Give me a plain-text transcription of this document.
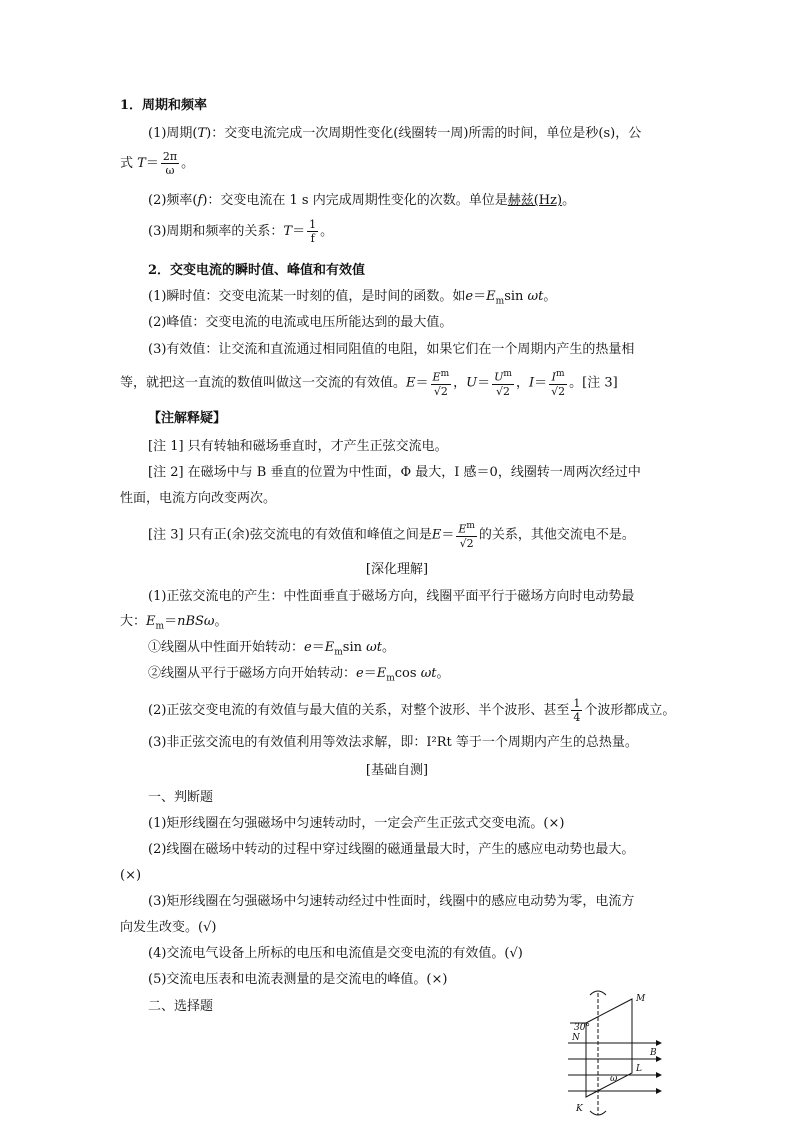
1．周期和频率
(1)周期(T)：交变电流完成一次周期性变化(线圈转一周)所需的时间，单位是秒(s)，公
式 $T= \frac{2\pi}{\omega}$ 。
(2)频率(f)：交变电流在 1 s 内完成周期性变化的次数。单位是赫兹(Hz)。
(3)周期和频率的关系：$T= \frac{1}{f}$ 。
2．交变电流的瞬时值、峰值和有效值
(1)瞬时值：交变电流某一时刻的值，是时间的函数。如$e=E_m\sin$ ωt。
(2)峰值：交变电流的电流或电压所能达到的最大值。
(3)有效值：让交流和直流通过相同阻值的电阻，如果它们在一个周期内产生的热量相
等，就把这一直流的数值叫做这一交流的有效值。$E= \frac{E^m}{√2}$ ，$U= \frac{U^m}{√2}$ ，$I= \frac{I^m}{√2}$ 。[注 3]
【注解释疑】
[注 1] 只有转轴和磁场垂直时，才产生正弦交流电。
[注 2] 在磁场中与 B 垂直的位置为中性面，Φ 最大，I 感＝0，线圈转一周两次经过中
性面，电流方向改变两次。
[注 3] 只有正(余)弦交流电的有效值和峰值之间是$E= \frac{E^m}{√2}$ 的关系，其他交流电不是。
[深化理解]
(1)正弦交流电的产生：中性面垂直于磁场方向，线圈平面平行于磁场方向时电动势最
大：$E_m=nBS\omega$。
①线圈从中性面开始转动：$e=E_m\sin$ ωt。
②线圈从平行于磁场方向开始转动：$e=E_m\cos$ ωt。
(2)正弦交变电流的有效值与最大值的关系，对整个波形、半个波形、甚至 $\frac{1}{4}$ 个波形都成立。
(3)非正弦交流电的有效值利用等效法求解，即：I²Rt 等于一个周期内产生的总热量。
[基础自测]
一、判断题
(1)矩形线圈在匀强磁场中匀速转动时，一定会产生正弦式交变电流。(×)
(2)线圈在磁场中转动的过程中穿过线圈的磁通量最大时，产生的感应电动势也最大。
(×)
(3)矩形线圈在匀强磁场中匀速转动经过中性面时，线圈中的感应电动势为零，电流方
向发生改变。(√)
(4)交流电气设备上所标的电压和电流值是交变电流的有效值。(√)
(5)交流电压表和电流表测量的是交流电的峰值。(×)
二、选择题
30°
M
N
B
L
K
ω
